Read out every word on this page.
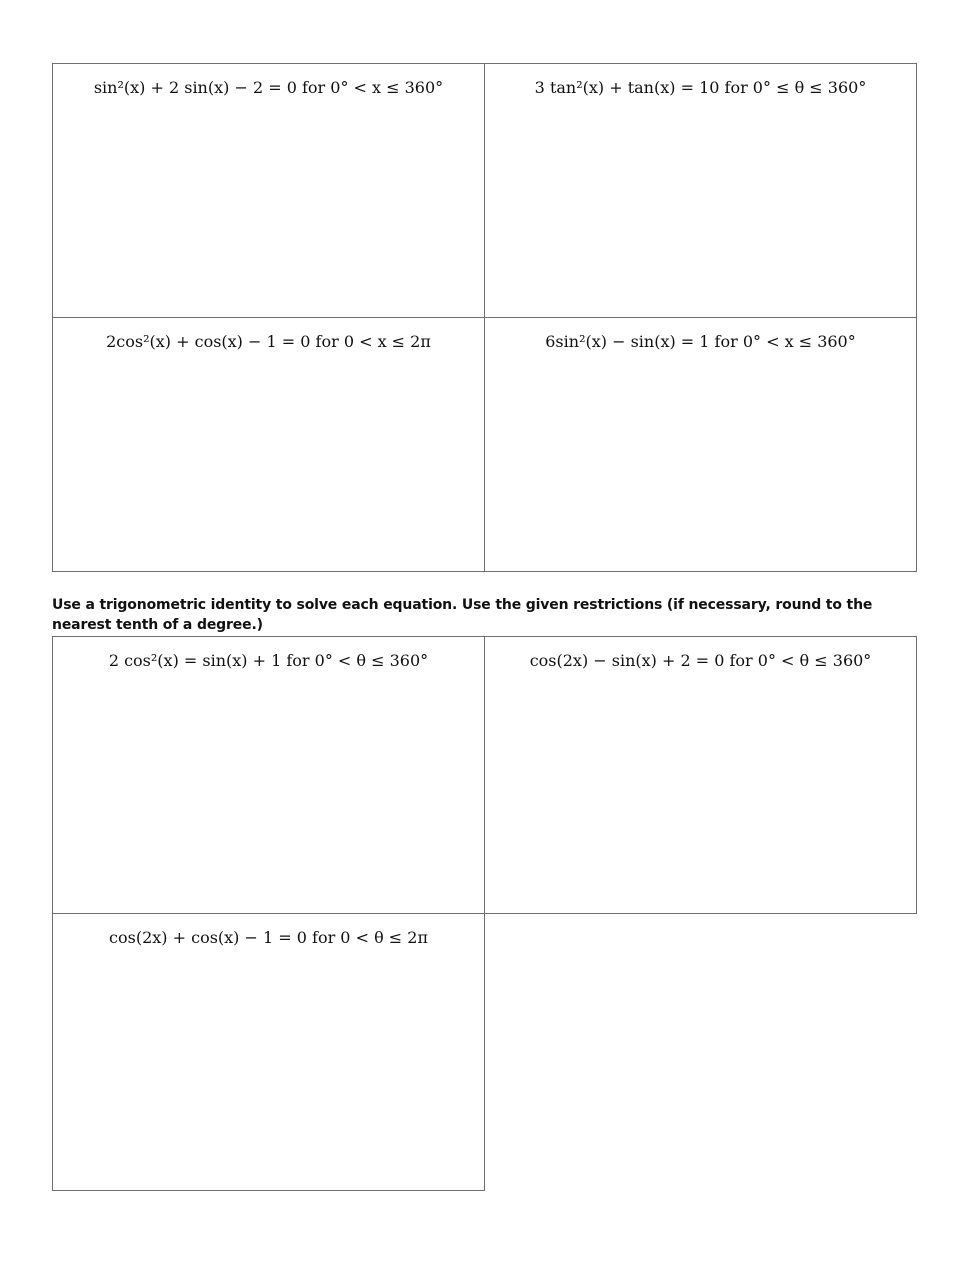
sin²(x) + 2 sin(x) − 2 = 0 for 0° < x ≤ 360°	3 tan²(x) + tan(x) = 10 for 0° ≤ θ ≤ 360°

2cos²(x) + cos(x) − 1 = 0 for 0 < x ≤ 2π	6sin²(x) − sin(x) = 1 for 0° < x ≤ 360°

Use a trigonometric identity to solve each equation. Use the given restrictions (if necessary, round to the nearest tenth of a degree.)

2 cos²(x) = sin(x) + 1 for 0° < θ ≤ 360°	cos(2x) − sin(x) + 2 = 0 for 0° < θ ≤ 360°

cos(2x) + cos(x) − 1 = 0 for 0 < θ ≤ 2π	
